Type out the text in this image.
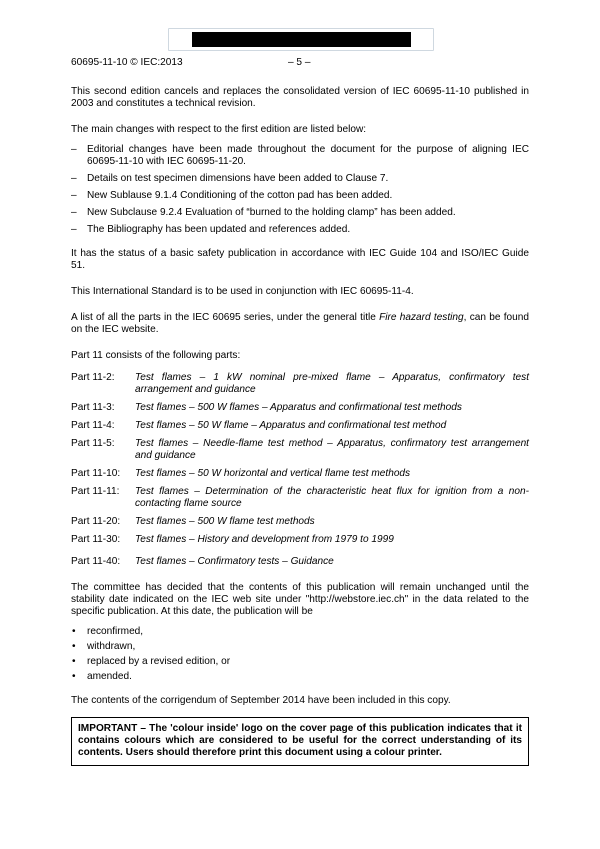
60695-11-10 © IEC:2013	– 5 –

This second edition cancels and replaces the consolidated version of IEC 60695-11-10 published in 2003 and constitutes a technical revision.

The main changes with respect to the first edition are listed below:

– Editorial changes have been made throughout the document for the purpose of aligning IEC 60695-11-10 with IEC 60695-11-20.
– Details on test specimen dimensions have been added to Clause 7.
– New Sublause 9.1.4 Conditioning of the cotton pad has been added.
– New Subclause 9.2.4 Evaluation of “burned to the holding clamp” has been added.
– The Bibliography has been updated and references added.

It has the status of a basic safety publication in accordance with IEC Guide 104 and ISO/IEC Guide 51.

This International Standard is to be used in conjunction with IEC 60695-11-4.

A list of all the parts in the IEC 60695 series, under the general title Fire hazard testing, can be found on the IEC website.

Part 11 consists of the following parts:

Part 11-2:	Test flames – 1 kW nominal pre-mixed flame – Apparatus, confirmatory test arrangement and guidance
Part 11-3:	Test flames – 500 W flames – Apparatus and confirmational test methods
Part 11-4:	Test flames – 50 W flame – Apparatus and confirmational test method
Part 11-5:	Test flames – Needle-flame test method – Apparatus, confirmatory test arrangement and guidance
Part 11-10:	Test flames – 50 W horizontal and vertical flame test methods
Part 11-11:	Test flames – Determination of the characteristic heat flux for ignition from a non-contacting flame source
Part 11-20:	Test flames – 500 W flame test methods
Part 11-30:	Test flames – History and development from 1979 to 1999
Part 11-40:	Test flames – Confirmatory tests – Guidance

The committee has decided that the contents of this publication will remain unchanged until the stability date indicated on the IEC web site under "http://webstore.iec.ch" in the data related to the specific publication. At this date, the publication will be

• reconfirmed,
• withdrawn,
• replaced by a revised edition, or
• amended.

The contents of the corrigendum of September 2014 have been included in this copy.

IMPORTANT – The 'colour inside' logo on the cover page of this publication indicates that it contains colours which are considered to be useful for the correct understanding of its contents. Users should therefore print this document using a colour printer.
